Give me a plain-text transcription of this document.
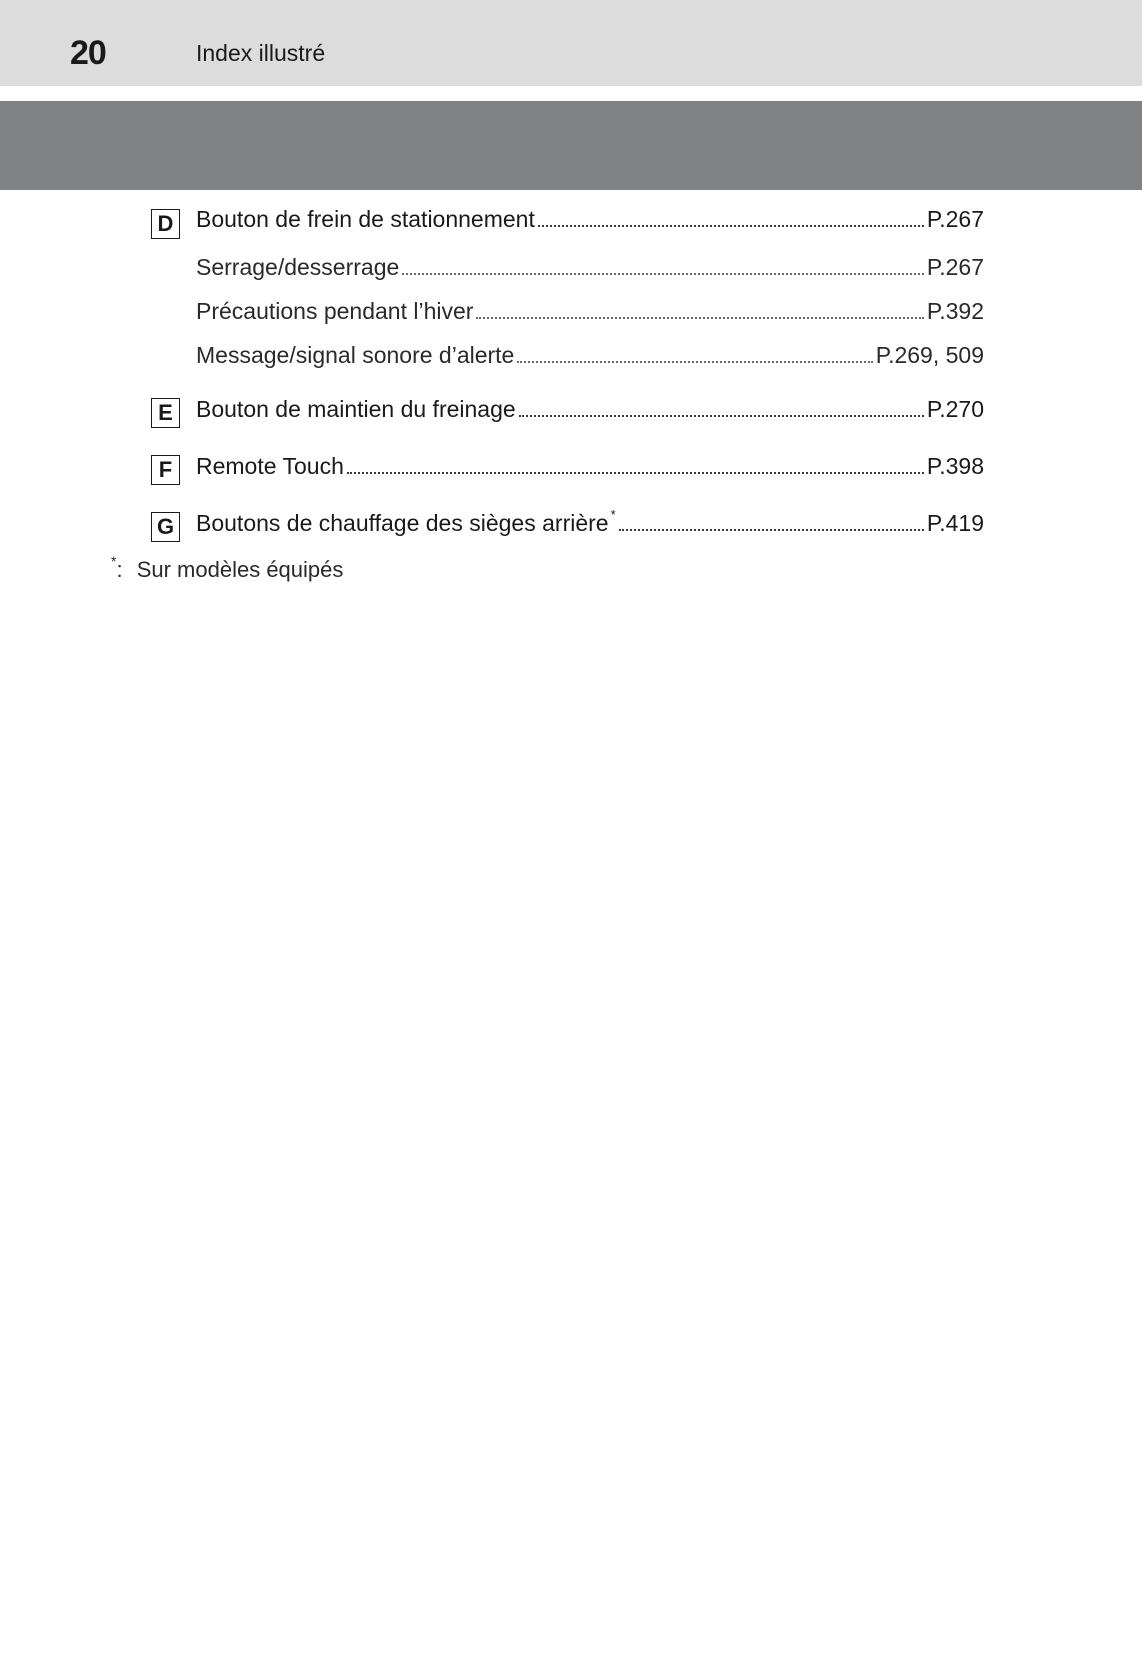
20	Index illustré
D Bouton de frein de stationnement	P.267
Serrage/desserrage	P.267
Précautions pendant l’hiver	P.392
Message/signal sonore d’alerte	P.269, 509
E	Bouton de maintien du freinage	P.270
F	Remote Touch	P.398
G Boutons de chauffage des sièges arrière *	P.419
*: Sur modèles équipés
